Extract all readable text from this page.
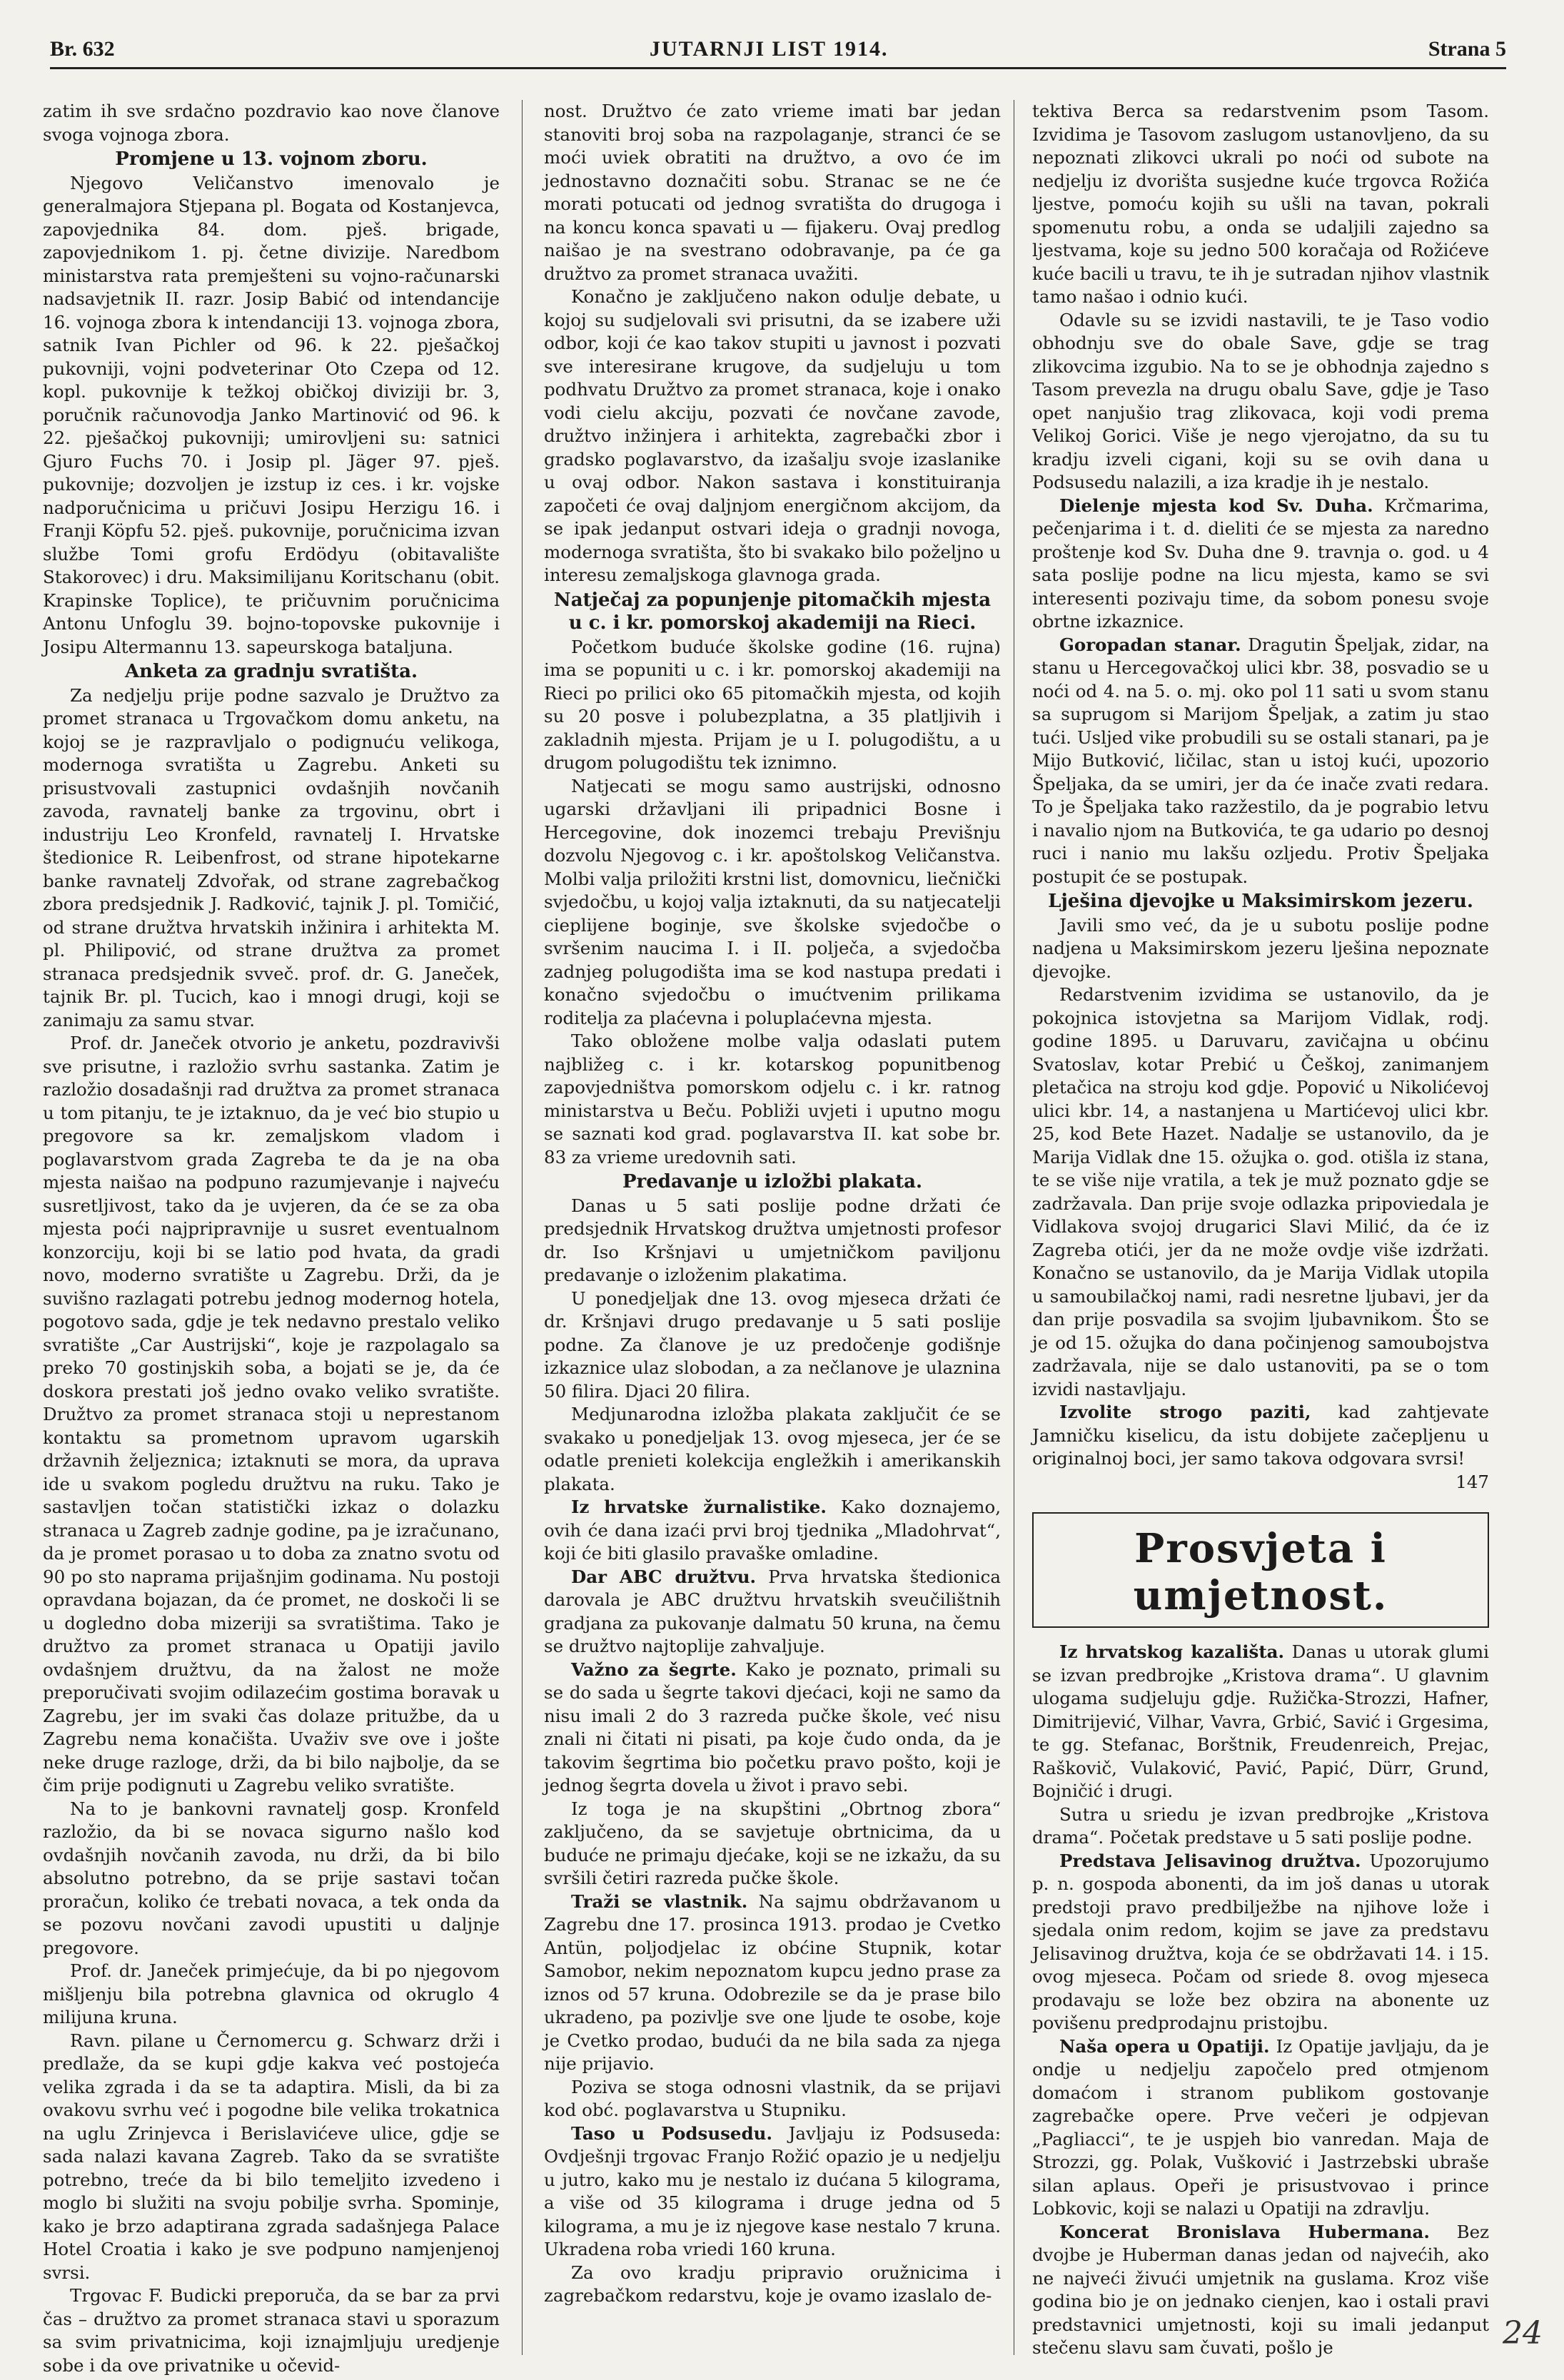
Br. 632	JUTARNJI LIST 1914.	Strana 5

zatim ih sve srdačno pozdravio kao nove članove svoga vojnoga zbora.

Promjene u 13. vojnom zboru.

Njegovo Veličanstvo imenovalo je generalmajora Stjepana pl. Bogata od Kostanjevca, zapovjednika 84. dom. pješ. brigade, zapovjednikom 1. pj. četne divizije. Naredbom ministarstva rata premješteni su vojno-računarski nadsavjetnik II. razr. Josip Babić od intendancije 16. vojnoga zbora k intendanciji 13. vojnoga zbora, satnik Ivan Pichler od 96. k 22. pješačkoj pukovniji, vojni podveterinar Oto Czepa od 12. kopl. pukovnije k težkoj običkoj diviziji br. 3, poručnik računovodja Janko Martinović od 96. k 22. pješačkoj pukovniji; umirovljeni su: satnici Gjuro Fuchs 70. i Josip pl. Jäger 97. pješ. pukovnije; dozvoljen je izstup iz ces. i kr. vojske nadporučnicima u pričuvi Josipu Herzigu 16. i Franji Köpfu 52. pješ. pukovnije, poručnicima izvan službe Tomi grofu Erdödyu (obitavalište Stakorovec) i dru. Maksimilijanu Koritschanu (obit. Krapinske Toplice), te pričuvnim poručnicima Antonu Unfoglu 39. bojno-topovske pukovnije i Josipu Altermannu 13. sapeurskoga bataljuna.

Anketa za gradnju svratišta.

Za nedjelju prije podne sazvalo je Družtvo za promet stranaca u Trgovačkom domu anketu, na kojoj se je razpravljalo o podignuću velikoga, modernoga svratišta u Zagrebu. Anketi su prisustvovali zastupnici ovdašnjih novčanih zavoda, ravnatelj banke za trgovinu, obrt i industriju Leo Kronfeld, ravnatelj I. Hrvatske štedionice R. Leibenfrost, od strane hipotekarne banke ravnatelj Zdvořak, od strane zagrebačkog zbora predsjednik J. Radković, tajnik J. pl. Tomičić, od strane družtva hrvatskih inžinira i arhitekta M. pl. Philipović, od strane družtva za promet stranaca predsjednik svveč. prof. dr. G. Janeček, tajnik Br. pl. Tucich, kao i mnogi drugi, koji se zanimaju za samu stvar.

Prof. dr. Janeček otvorio je anketu, pozdravivši sve prisutne, i razložio svrhu sastanka. Zatim je razložio dosadašnji rad družtva za promet stranaca u tom pitanju, te je iztaknuo, da je već bio stupio u pregovore sa kr. zemaljskom vladom i poglavarstvom grada Zagreba te da je na oba mjesta naišao na podpuno razumjevanje i najveću susretljivost, tako da je uvjeren, da će se za oba mjesta poći najpripravnije u susret eventualnom konzorciju, koji bi se latio pod hvata, da gradi novo, moderno svratište u Zagrebu. Drži, da je suvišno razlagati potrebu jednog modernog hotela, pogotovo sada, gdje je tek nedavno prestalo veliko svratište „Car Austrijski“, koje je razpolagalo sa preko 70 gostinjskih soba, a bojati se je, da će doskora prestati još jedno ovako veliko svratište. Družtvo za promet stranaca stoji u neprestanom kontaktu sa prometnom upravom ugarskih državnih željeznica; iztaknuti se mora, da uprava ide u svakom pogledu družtvu na ruku. Tako je sastavljen točan statistički izkaz o dolazku stranaca u Zagreb zadnje godine, pa je izračunano, da je promet porasao u to doba za znatno svotu od 90 po sto naprama prijašnjim godinama. Nu postoji opravdana bojazan, da će promet, ne doskoči li se u dogledno doba mizeriji sa svratištima. Tako je družtvo za promet stranaca u Opatiji javilo ovdašnjem družtvu, da na žalost ne može preporučivati svojim odilazećim gostima boravak u Zagrebu, jer im svaki čas dolaze pritužbe, da u Zagrebu nema konačišta. Uvaživ sve ove i jošte neke druge razloge, drži, da bi bilo najbolje, da se čim prije podignuti u Zagrebu veliko svratište.

Na to je bankovni ravnatelj gosp. Kronfeld razložio, da bi se novaca sigurno našlo kod ovdašnjih novčanih zavoda, nu drži, da bi bilo absolutno potrebno, da se prije sastavi točan proračun, koliko će trebati novaca, a tek onda da se pozovu novčani zavodi upustiti u daljnje pregovore.

Prof. dr. Janeček primjećuje, da bi po njegovom mišljenju bila potrebna glavnica od okruglo 4 milijuna kruna.

Ravn. pilane u Černomercu g. Schwarz drži i predlaže, da se kupi gdje kakva već postojeća velika zgrada i da se ta adaptira. Misli, da bi za ovakovu svrhu već i pogodne bile velika trokatnica na uglu Zrinjevca i Berislavićeve ulice, gdje se sada nalazi kavana Zagreb. Tako da se svratište potrebno, treće da bi bilo temeljito izvedeno i moglo bi služiti na svoju pobilje svrha. Spominje, kako je brzo adaptirana zgrada sadašnjega Palace Hotel Croatia i kako je sve podpuno namjenjenoj svrsi.

Trgovac F. Budicki preporuča, da se bar za prvi čas – družtvo za promet stranaca stavi u sporazum sa svim privatnicima, koji iznajmljuju uredjenje sobe i da ove privatnike u očevid-

nost. Družtvo će zato vrieme imati bar jedan stanoviti broj soba na razpolaganje, stranci će se moći uviek obratiti na družtvo, a ovo će im jednostavno doznačiti sobu. Stranac se ne će morati potucati od jednog svratišta do drugoga i na koncu konca spavati u — fijakeru. Ovaj predlog naišao je na svestrano odobravanje, pa će ga družtvo za promet stranaca uvažiti.

Konačno je zaključeno nakon odulje debate, u kojoj su sudjelovali svi prisutni, da se izabere uži odbor, koji će kao takov stupiti u javnost i pozvati sve interesirane krugove, da sudjeluju u tom podhvatu Družtvo za promet stranaca, koje i onako vodi cielu akciju, pozvati će novčane zavode, družtvo inžinjera i arhitekta, zagrebački zbor i gradsko poglavarstvo, da izašalju svoje izaslanike u ovaj odbor. Nakon sastava i konstituiranja započeti će ovaj daljnjom energičnom akcijom, da se ipak jedanput ostvari ideja o gradnji novoga, modernoga svratišta, što bi svakako bilo poželjno u interesu zemaljskoga glavnoga grada.

Natječaj za popunjenje pitomačkih mjesta u c. i kr. pomorskoj akademiji na Rieci.

Početkom buduće školske godine (16. rujna) ima se popuniti u c. i kr. pomorskoj akademiji na Rieci po prilici oko 65 pitomačkih mjesta, od kojih su 20 posve i polubezplatna, a 35 platljivih i zakladnih mjesta. Prijam je u I. polugodištu, a u drugom polugodištu tek iznimno.

Natjecati se mogu samo austrijski, odnosno ugarski državljani ili pripadnici Bosne i Hercegovine, dok inozemci trebaju Previšnju dozvolu Njegovog c. i kr. apoštolskog Veličanstva. Molbi valja priložiti krstni list, domovnicu, liečnički svjedočbu, u kojoj valja iztaknuti, da su natjecatelji cieplijene boginje, sve školske svjedočbe o svršenim naucima I. i II. polječa, a svjedočba zadnjeg polugodišta ima se kod nastupa predati i konačno svjedočbu o imućtvenim prilikama roditelja za plaćevna i poluplaćevna mjesta.

Tako obložene molbe valja odaslati putem najbližeg c. i kr. kotarskog popunitbenog zapovjedništva pomorskom odjelu c. i kr. ratnog ministarstva u Beču. Pobliži uvjeti i uputno mogu se saznati kod grad. poglavarstva II. kat sobe br. 83 za vrieme uredovnih sati.

Predavanje u izložbi plakata.

Danas u 5 sati poslije podne držati će predsjednik Hrvatskog družtva umjetnosti profesor dr. Iso Kršnjavi u umjetničkom paviljonu predavanje o izloženim plakatima.

U ponedjeljak dne 13. ovog mjeseca držati će dr. Kršnjavi drugo predavanje u 5 sati poslije podne. Za članove je uz predočenje godišnje izkaznice ulaz slobodan, a za nečlanove je ulaznina 50 filira. Djaci 20 filira.

Medjunarodna izložba plakata zaključit će se svakako u ponedjeljak 13. ovog mjeseca, jer će se odatle prenieti kolekcija engležkih i amerikanskih plakata.

Iz hrvatske žurnalistike. Kako doznajemo, ovih će dana izaći prvi broj tjednika „Mladohrvat“, koji će biti glasilo pravaške omladine.

Dar ABC družtvu. Prva hrvatska štedionica darovala je ABC družtvu hrvatskih sveučilištnih gradjana za pukovanje dalmatu 50 kruna, na čemu se družtvo najtoplije zahvaljuje.

Važno za šegrte. Kako je poznato, primali su se do sada u šegrte takovi djećaci, koji ne samo da nisu imali 2 do 3 razreda pučke škole, već nisu znali ni čitati ni pisati, pa koje čudo onda, da je takovim šegrtima bio početku pravo pošto, koji je jednog šegrta dovela u život i pravo sebi.

Iz toga je na skupštini „Obrtnog zbora“ zaključeno, da se savjetuje obrtnicima, da u buduće ne primaju djećake, koji se ne izkažu, da su svršili četiri razreda pučke škole.

Traži se vlastnik. Na sajmu obdržavanom u Zagrebu dne 17. prosinca 1913. prodao je Cvetko Antün, poljodjelac iz obćine Stupnik, kotar Samobor, nekim nepoznatom kupcu jedno prase za iznos od 57 kruna. Odobrezile se da je prase bilo ukradeno, pa pozivlje sve one ljude te osobe, koje je Cvetko prodao, budući da ne bila sada za njega nije prijavio.

Poziva se stoga odnosni vlastnik, da se prijavi kod obć. poglavarstva u Stupniku.

Taso u Podsusedu. Javljaju iz Podsuseda: Ovdješnji trgovac Franjo Rožić opazio je u nedjelju u jutro, kako mu je nestalo iz dućana 5 kilograma, a više od 35 kilograma i druge jedna od 5 kilograma, a mu je iz njegove kase nestalo 7 kruna. Ukradena roba vriedi 160 kruna.

Za ovo kradju pripravio oružnicima i zagrebačkom redarstvu, koje je ovamo izaslalo de-

tektiva Berca sa redarstvenim psom Tasom. Izvidima je Tasovom zaslugom ustanovljeno, da su nepoznati zlikovci ukrali po noći od subote na nedjelju iz dvorišta susjedne kuće trgovca Rožića ljestve, pomoću kojih su ušli na tavan, pokrali spomenutu robu, a onda se udaljili zajedno sa ljestvama, koje su jedno 500 koračaja od Rožićeve kuće bacili u travu, te ih je sutradan njihov vlastnik tamo našao i odnio kući.

Odavle su se izvidi nastavili, te je Taso vodio obhodnju sve do obale Save, gdje se trag zlikovcima izgubio. Na to se je obhodnja zajedno s Tasom prevezla na drugu obalu Save, gdje je Taso opet nanjušio trag zlikovaca, koji vodi prema Velikoj Gorici. Više je nego vjerojatno, da su tu kradju izveli cigani, koji su se ovih dana u Podsusedu nalazili, a iza kradje ih je nestalo.

Dielenje mjesta kod Sv. Duha. Krčmarima, pečenjarima i t. d. dieliti će se mjesta za naredno proštenje kod Sv. Duha dne 9. travnja o. god. u 4 sata poslije podne na licu mjesta, kamo se svi interesenti pozivaju time, da sobom ponesu svoje obrtne izkaznice.

Goropadan stanar. Dragutin Špeljak, zidar, na stanu u Hercegovačkoj ulici kbr. 38, posvadio se u noći od 4. na 5. o. mj. oko pol 11 sati u svom stanu sa suprugom si Marijom Špeljak, a zatim ju stao tući. Usljed vike probudili su se ostali stanari, pa je Mijo Butković, ličilac, stan u istoj kući, upozorio Špeljaka, da se umiri, jer da će inače zvati redara. To je Špeljaka tako razžestilo, da je pograbio letvu i navalio njom na Butkovića, te ga udario po desnoj ruci i nanio mu lakšu ozljedu. Protiv Špeljaka postupit će se postupak.

Lješina djevojke u Maksimirskom jezeru.

Javili smo već, da je u subotu poslije podne nadjena u Maksimirskom jezeru lješina nepoznate djevojke.

Redarstvenim izvidima se ustanovilo, da je pokojnica istovjetna sa Marijom Vidlak, rodj. godine 1895. u Daruvaru, zavičajna u obćinu Svatoslav, kotar Prebić u Češkoj, zanimanjem pletačica na stroju kod gdje. Popović u Nikolićevoj ulici kbr. 14, a nastanjena u Martićevoj ulici kbr. 25, kod Bete Hazet. Nadalje se ustanovilo, da je Marija Vidlak dne 15. ožujka o. god. otišla iz stana, te se više nije vratila, a tek je muž poznato gdje se zadržavala. Dan prije svoje odlazka pripoviedala je Vidlakova svojoj drugarici Slavi Milić, da će iz Zagreba otići, jer da ne može ovdje više izdržati. Konačno se ustanovilo, da je Marija Vidlak utopila u samoubilačkoj nami, radi nesretne ljubavi, jer da dan prije posvadila sa svojim ljubavnikom. Što se je od 15. ožujka do dana počinjenog samoubojstva zadržavala, nije se dalo ustanoviti, pa se o tom izvidi nastavljaju.

Izvolite strogo paziti, kad zahtjevate Jamničku kiselicu, da istu dobijete začepljenu u originalnoj boci, jer samo takova odgovara svrsi!

147
Prosvjeta i umjetnost.

Iz hrvatskog kazališta. Danas u utorak glumi se izvan predbrojke „Kristova drama“. U glavnim ulogama sudjeluju gdje. Ružička-Strozzi, Hafner, Dimitrijević, Vilhar, Vavra, Grbić, Savić i Grgesima, te gg. Stefanac, Borštnik, Freudenreich, Prejac, Raškovič, Vulaković, Pavić, Papić, Dürr, Grund, Bojničić i drugi.

Sutra u sriedu je izvan predbrojke „Kristova drama“. Početak predstave u 5 sati poslije podne.

Predstava Jelisavinog družtva. Upozorujumo p. n. gospoda abonenti, da im još danas u utorak predstoji pravo predbilježbe na njihove lože i sjedala onim redom, kojim se jave za predstavu Jelisavinog družtva, koja će se obdržavati 14. i 15. ovog mjeseca. Počam od sriede 8. ovog mjeseca prodavaju se lože bez obzira na abonente uz povišenu predprodajnu pristojbu.

Naša opera u Opatiji. Iz Opatije javljaju, da je ondje u nedjelju započelo pred otmjenom domaćom i stranom publikom gostovanje zagrebačke opere. Prve večeri je odpjevan „Pagliacci“, te je uspjeh bio vanredan. Maja de Strozzi, gg. Polak, Vušković i Jastrzebski ubraše silan aplaus. Opeři je prisustvovao i prince Lobkovic, koji se nalazi u Opatiji na zdravlju.

Koncerat Bronislava Hubermana. Bez dvojbe je Huberman danas jedan od najvećih, ako ne najveći živući umjetnik na guslama. Kroz više godina bio je on jednako cienjen, kao i ostali pravi predstavnici umjetnosti, koji su imali jedanput stečenu slavu sam čuvati, pošlo je	24
